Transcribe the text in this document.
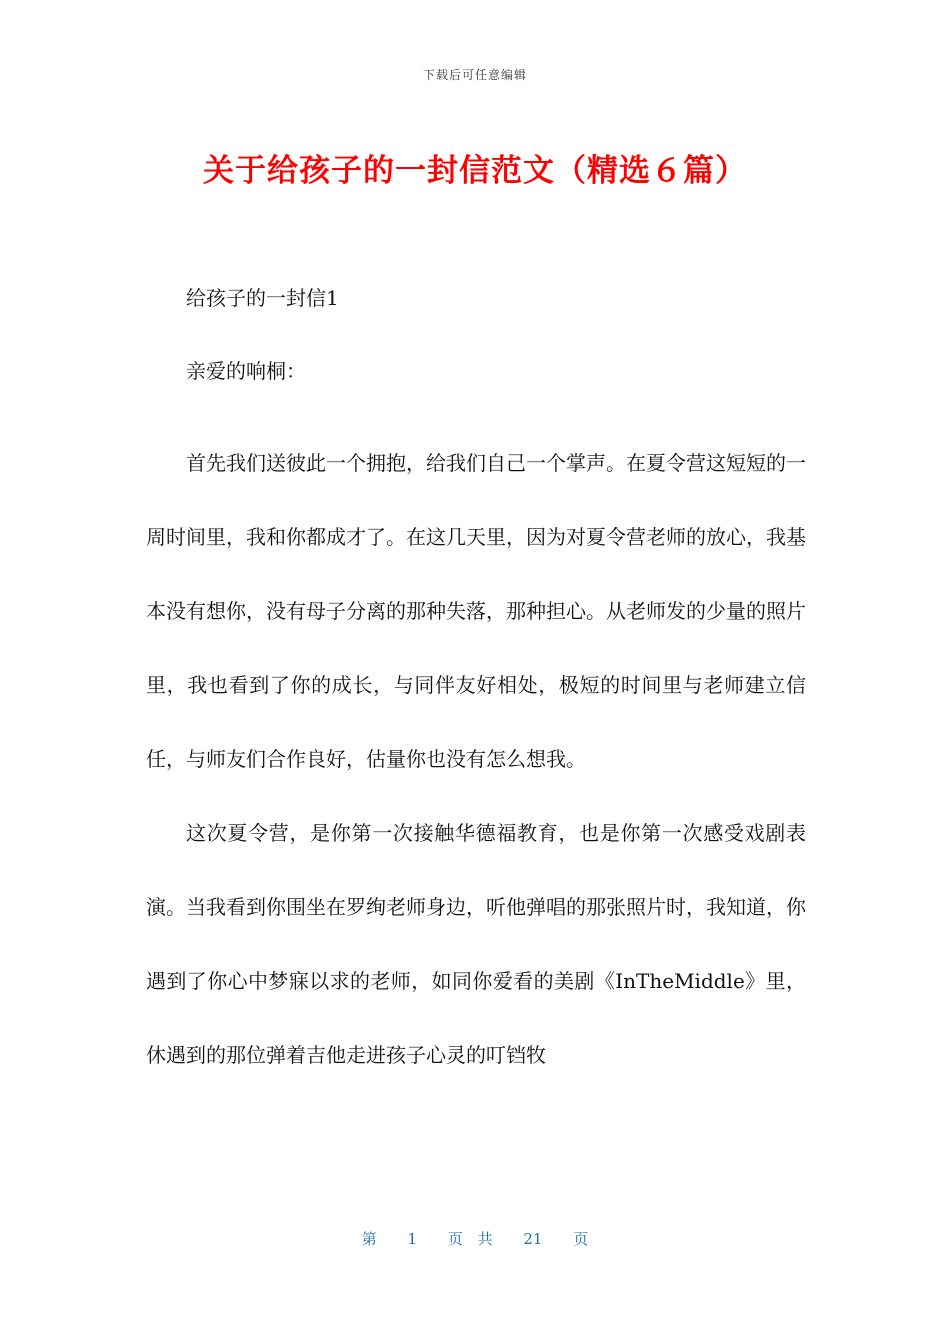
下载后可任意编辑
关于给孩子的一封信范文（精选６篇）

给孩子的一封信1

亲爱的响桐：

首先我们送彼此一个拥抱，给我们自己一个掌声。在夏令营这短短的一周时间里，我和你都成才了。在这几天里，因为对夏令营老师的放心，我基本没有想你，没有母子分离的那种失落，那种担心。从老师发的少量的照片里，我也看到了你的成长，与同伴友好相处，极短的时间里与老师建立信任，与师友们合作良好，估量你也没有怎么想我。

这次夏令营，是你第一次接触华德福教育，也是你第一次感受戏剧表演。当我看到你围坐在罗绚老师身边，听他弹唱的那张照片时，我知道，你遇到了你心中梦寐以求的老师，如同你爱看的美剧《InTheMiddle》里，休遇到的那位弹着吉他走进孩子心灵的叮铛牧

第 1 页 共 21 页
